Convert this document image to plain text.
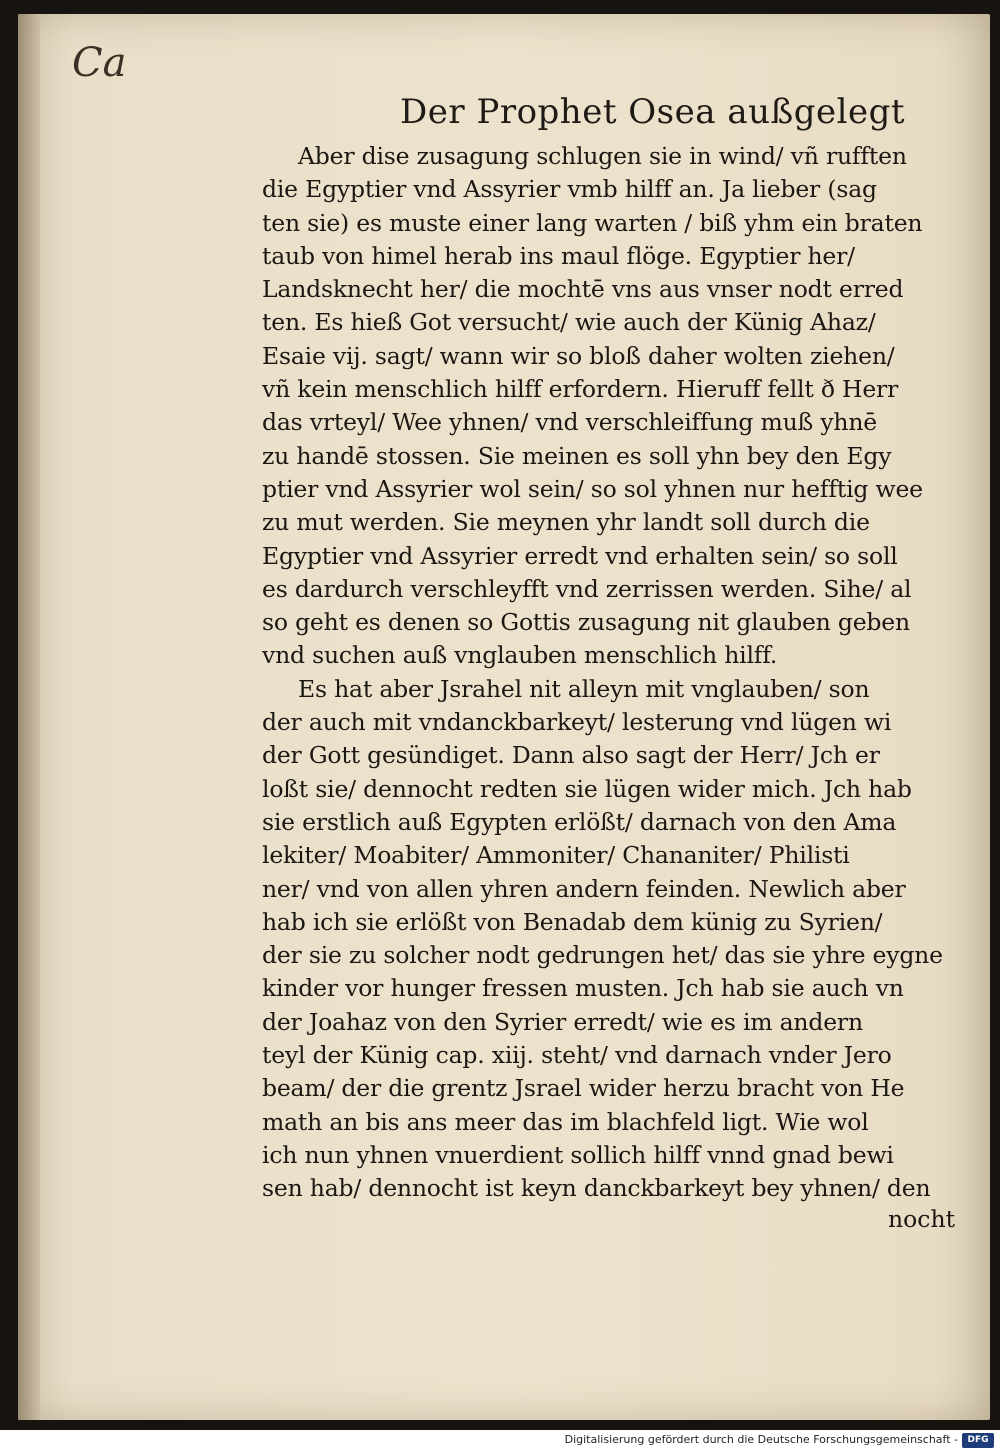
Ca
Der Prophet Osea außgelegt
Aber dise zusagung schlugen sie in wind/ vñ rufften
die Egyptier vnd Assyrier vmb hilff an. Ja lieber (sag
ten sie) es muste einer lang warten / biß yhm ein braten
taub von himel herab ins maul flöge. Egyptier her/
Landsknecht her/ die mochtē vns aus vnser nodt erred
ten. Es hieß Got versucht/ wie auch der Künig Ahaz/
Esaie vij. sagt/ wann wir so bloß daher wolten ziehen/
vñ kein menschlich hilff erfordern. Hieruff fellt ð Herr
das vrteyl/ Wee yhnen/ vnd verschleiffung muß yhnē
zu handē stossen. Sie meinen es soll yhn bey den Egy
ptier vnd Assyrier wol sein/ so sol yhnen nur hefftig wee
zu mut werden. Sie meynen yhr landt soll durch die
Egyptier vnd Assyrier erredt vnd erhalten sein/ so soll
es dardurch verschleyfft vnd zerrissen werden. Sihe/ al
so geht es denen so Gottis zusagung nit glauben geben
vnd suchen auß vnglauben menschlich hilff.
Es hat aber Jsrahel nit alleyn mit vnglauben/ son
der auch mit vndanckbarkeyt/ lesterung vnd lügen wi
der Gott gesündiget. Dann also sagt der Herr/ Jch er
loßt sie/ dennocht redten sie lügen wider mich. Jch hab
sie erstlich auß Egypten erlößt/ darnach von den Ama
lekiter/ Moabiter/ Ammoniter/ Chananiter/ Philisti
ner/ vnd von allen yhren andern feinden. Newlich aber
hab ich sie erlößt von Benadab dem künig zu Syrien/
der sie zu solcher nodt gedrungen het/ das sie yhre eygne
kinder vor hunger fressen musten. Jch hab sie auch vn
der Joahaz von den Syrier erredt/ wie es im andern
teyl der Künig cap. xiij. steht/ vnd darnach vnder Jero
beam/ der die grentz Jsrael wider herzu bracht von He
math an bis ans meer das im blachfeld ligt. Wie wol
ich nun yhnen vnuerdient sollich hilff vnnd gnad bewi
sen hab/ dennocht ist keyn danckbarkeyt bey yhnen/ den
nocht
Digitalisierung gefördert durch die Deutsche Forschungsgemeinschaft -	DFG
